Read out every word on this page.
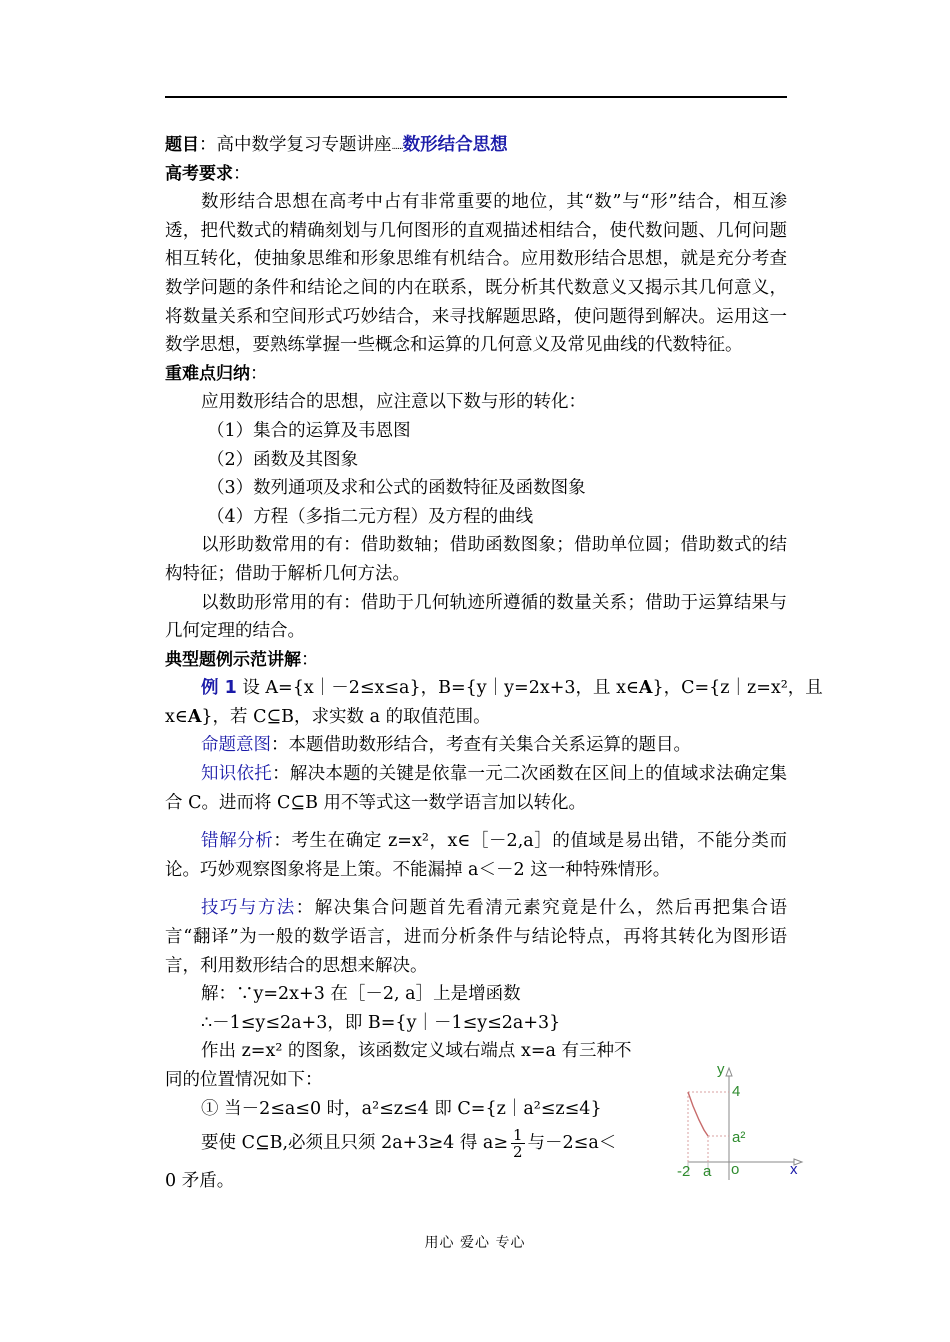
题目：高中数学复习专题讲座......数形结合思想
高考要求：
数形结合思想在高考中占有非常重要的地位，其“数”与“形”结合，相互渗透，把代数式的精确刻划与几何图形的直观描述相结合，使代数问题、几何问题相互转化，使抽象思维和形象思维有机结合。应用数形结合思想，就是充分考查数学问题的条件和结论之间的内在联系，既分析其代数意义又揭示其几何意义，将数量关系和空间形式巧妙结合，来寻找解题思路，使问题得到解决。运用这一数学思想，要熟练掌握一些概念和运算的几何意义及常见曲线的代数特征。
重难点归纳：
应用数形结合的思想，应注意以下数与形的转化：
（1）集合的运算及韦恩图
（2）函数及其图象
（3）数列通项及求和公式的函数特征及函数图象
（4）方程（多指二元方程）及方程的曲线
以形助数常用的有：借助数轴；借助函数图象；借助单位圆；借助数式的结构特征；借助于解析几何方法。
以数助形常用的有：借助于几何轨迹所遵循的数量关系；借助于运算结果与几何定理的结合。
典型题例示范讲解：
例 1 设 A={x｜－2≤x≤a}，B={y｜y=2x+3，且 x∈A}，C={z｜z=x²，且
x∈A}，若 C⊆B，求实数 a 的取值范围。
命题意图：本题借助数形结合，考查有关集合关系运算的题目。
知识依托：解决本题的关键是依靠一元二次函数在区间上的值域求法确定集合 C。进而将 C⊆B 用不等式这一数学语言加以转化。
错解分析：考生在确定 z=x²，x∈［－2,a］的值域是易出错，不能分类而论。巧妙观察图象将是上策。不能漏掉 a＜－2 这一种特殊情形。
技巧与方法：解决集合问题首先看清元素究竟是什么，然后再把集合语言“翻译”为一般的数学语言，进而分析条件与结论特点，再将其转化为图形语言，利用数形结合的思想来解决。
解：∵y=2x+3 在［－2, a］上是增函数
∴－1≤y≤2a+3，即 B={y｜－1≤y≤2a+3}
作出 z=x² 的图象，该函数定义域右端点 x=a 有三种不
同的位置情况如下：
① 当－2≤a≤0 时，a²≤z≤4 即 C={z｜a²≤z≤4}
要使 C⊆B,必须且只须 2a+3≥4 得 $a\ge \frac{1}{2}$ 与－2≤a＜
0 矛盾。
y
4
a²
-2 a o	x
用心 爱心 专心
